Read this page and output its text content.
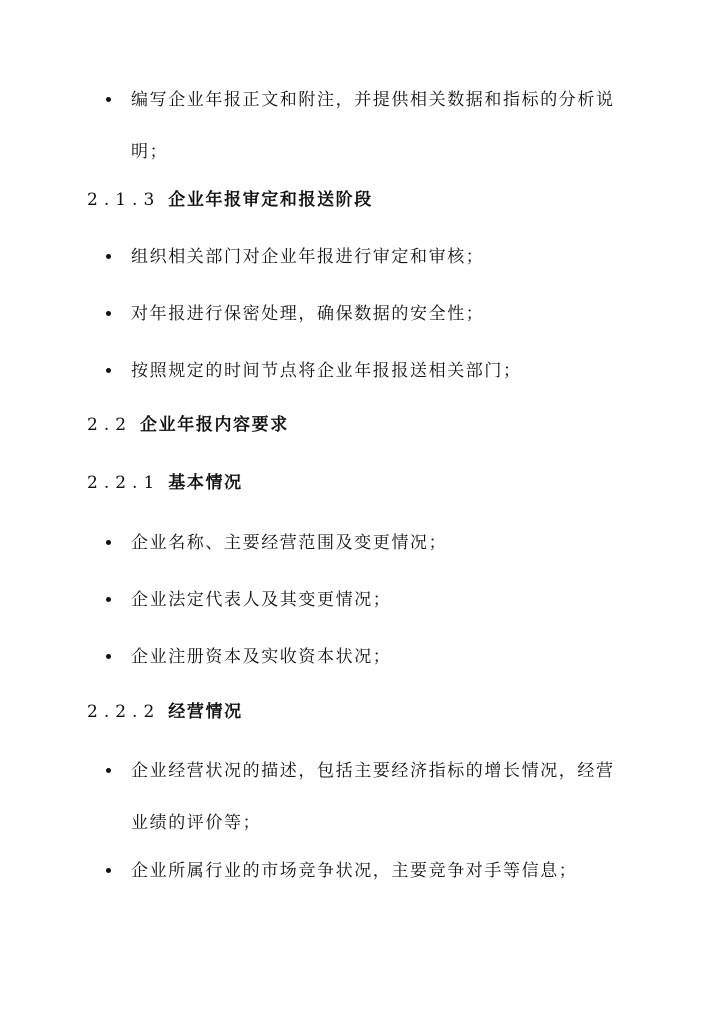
编写企业年报正文和附注，并提供相关数据和指标的分析说明；
2.1.3 企业年报审定和报送阶段
组织相关部门对企业年报进行审定和审核；
对年报进行保密处理，确保数据的安全性；
按照规定的时间节点将企业年报报送相关部门；
2.2 企业年报内容要求
2.2.1 基本情况
企业名称、主要经营范围及变更情况；
企业法定代表人及其变更情况；
企业注册资本及实收资本状况；
2.2.2 经营情况
企业经营状况的描述，包括主要经济指标的增长情况，经营业绩的评价等；
企业所属行业的市场竞争状况，主要竞争对手等信息；
